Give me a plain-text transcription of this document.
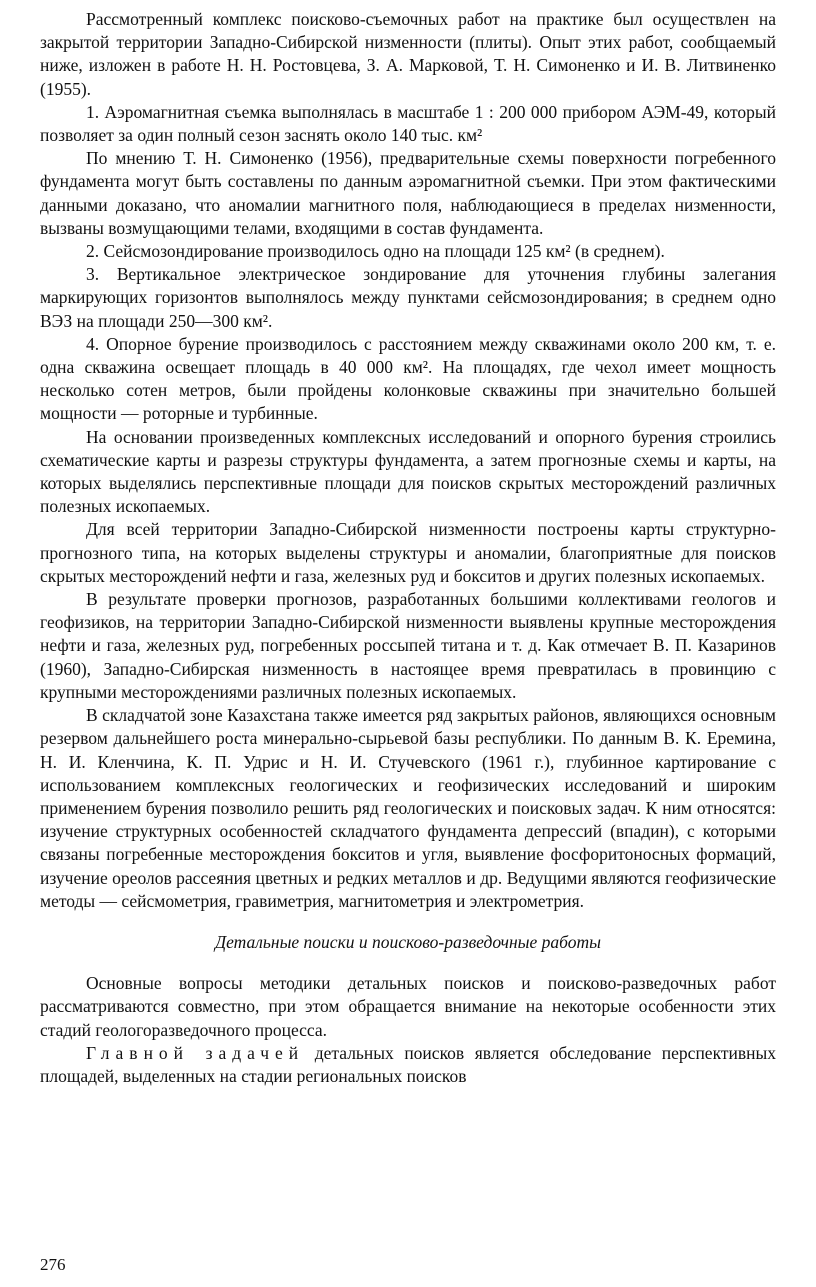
Рассмотренный комплекс поисково-съемочных работ на практике был осуществлен на закрытой территории Западно-Сибирской низменности (плиты). Опыт этих работ, сообщаемый ниже, изложен в работе Н. Н. Ростовцева, З. А. Марковой, Т. Н. Симоненко и И. В. Литвиненко (1955).

1. Аэромагнитная съемка выполнялась в масштабе 1 : 200 000 прибором АЭМ-49, который позволяет за один полный сезон заснять около 140 тыс. км²

По мнению Т. Н. Симоненко (1956), предварительные схемы поверхности погребенного фундамента могут быть составлены по данным аэромагнитной съемки. При этом фактическими данными доказано, что аномалии магнитного поля, наблюдающиеся в пределах низменности, вызваны возмущающими телами, входящими в состав фундамента.

2. Сейсмозондирование производилось одно на площади 125 км² (в среднем).

3. Вертикальное электрическое зондирование для уточнения глубины залегания маркирующих горизонтов выполнялось между пунктами сейсмозондирования; в среднем одно ВЭЗ на площади 250—300 км².

4. Опорное бурение производилось с расстоянием между скважинами около 200 км, т. е. одна скважина освещает площадь в 40 000 км². На площадях, где чехол имеет мощность несколько сотен метров, были пройдены колонковые скважины при значительно большей мощности — роторные и турбинные.

На основании произведенных комплексных исследований и опорного бурения строились схематические карты и разрезы структуры фундамента, а затем прогнозные схемы и карты, на которых выделялись перспективные площади для поисков скрытых месторождений различных полезных ископаемых.

Для всей территории Западно-Сибирской низменности построены карты структурно-прогнозного типа, на которых выделены структуры и аномалии, благоприятные для поисков скрытых месторождений нефти и газа, железных руд и бокситов и других полезных ископаемых.

В результате проверки прогнозов, разработанных большими коллективами геологов и геофизиков, на территории Западно-Сибирской низменности выявлены крупные месторождения нефти и газа, железных руд, погребенных россыпей титана и т. д. Как отмечает В. П. Казаринов (1960), Западно-Сибирская низменность в настоящее время превратилась в провинцию с крупными месторождениями различных полезных ископаемых.

В складчатой зоне Казахстана также имеется ряд закрытых районов, являющихся основным резервом дальнейшего роста минерально-сырьевой базы республики. По данным В. К. Еремина, Н. И. Кленчина, К. П. Удрис и Н. И. Стучевского (1961 г.), глубинное картирование с использованием комплексных геологических и геофизических исследований и широким применением бурения позволило решить ряд геологических и поисковых задач. К ним относятся: изучение структурных особенностей складчатого фундамента депрессий (впадин), с которыми связаны погребенные месторождения бокситов и угля, выявление фосфоритоносных формаций, изучение ореолов рассеяния цветных и редких металлов и др. Ведущими являются геофизические методы — сейсмометрия, гравиметрия, магнитометрия и электрометрия.

Детальные поиски и поисково-разведочные работы

Основные вопросы методики детальных поисков и поисково-разведочных работ рассматриваются совместно, при этом обращается внимание на некоторые особенности этих стадий геологоразведочного процесса.

Главной задачей детальных поисков является обследование перспективных площадей, выделенных на стадии региональных поисков

276
